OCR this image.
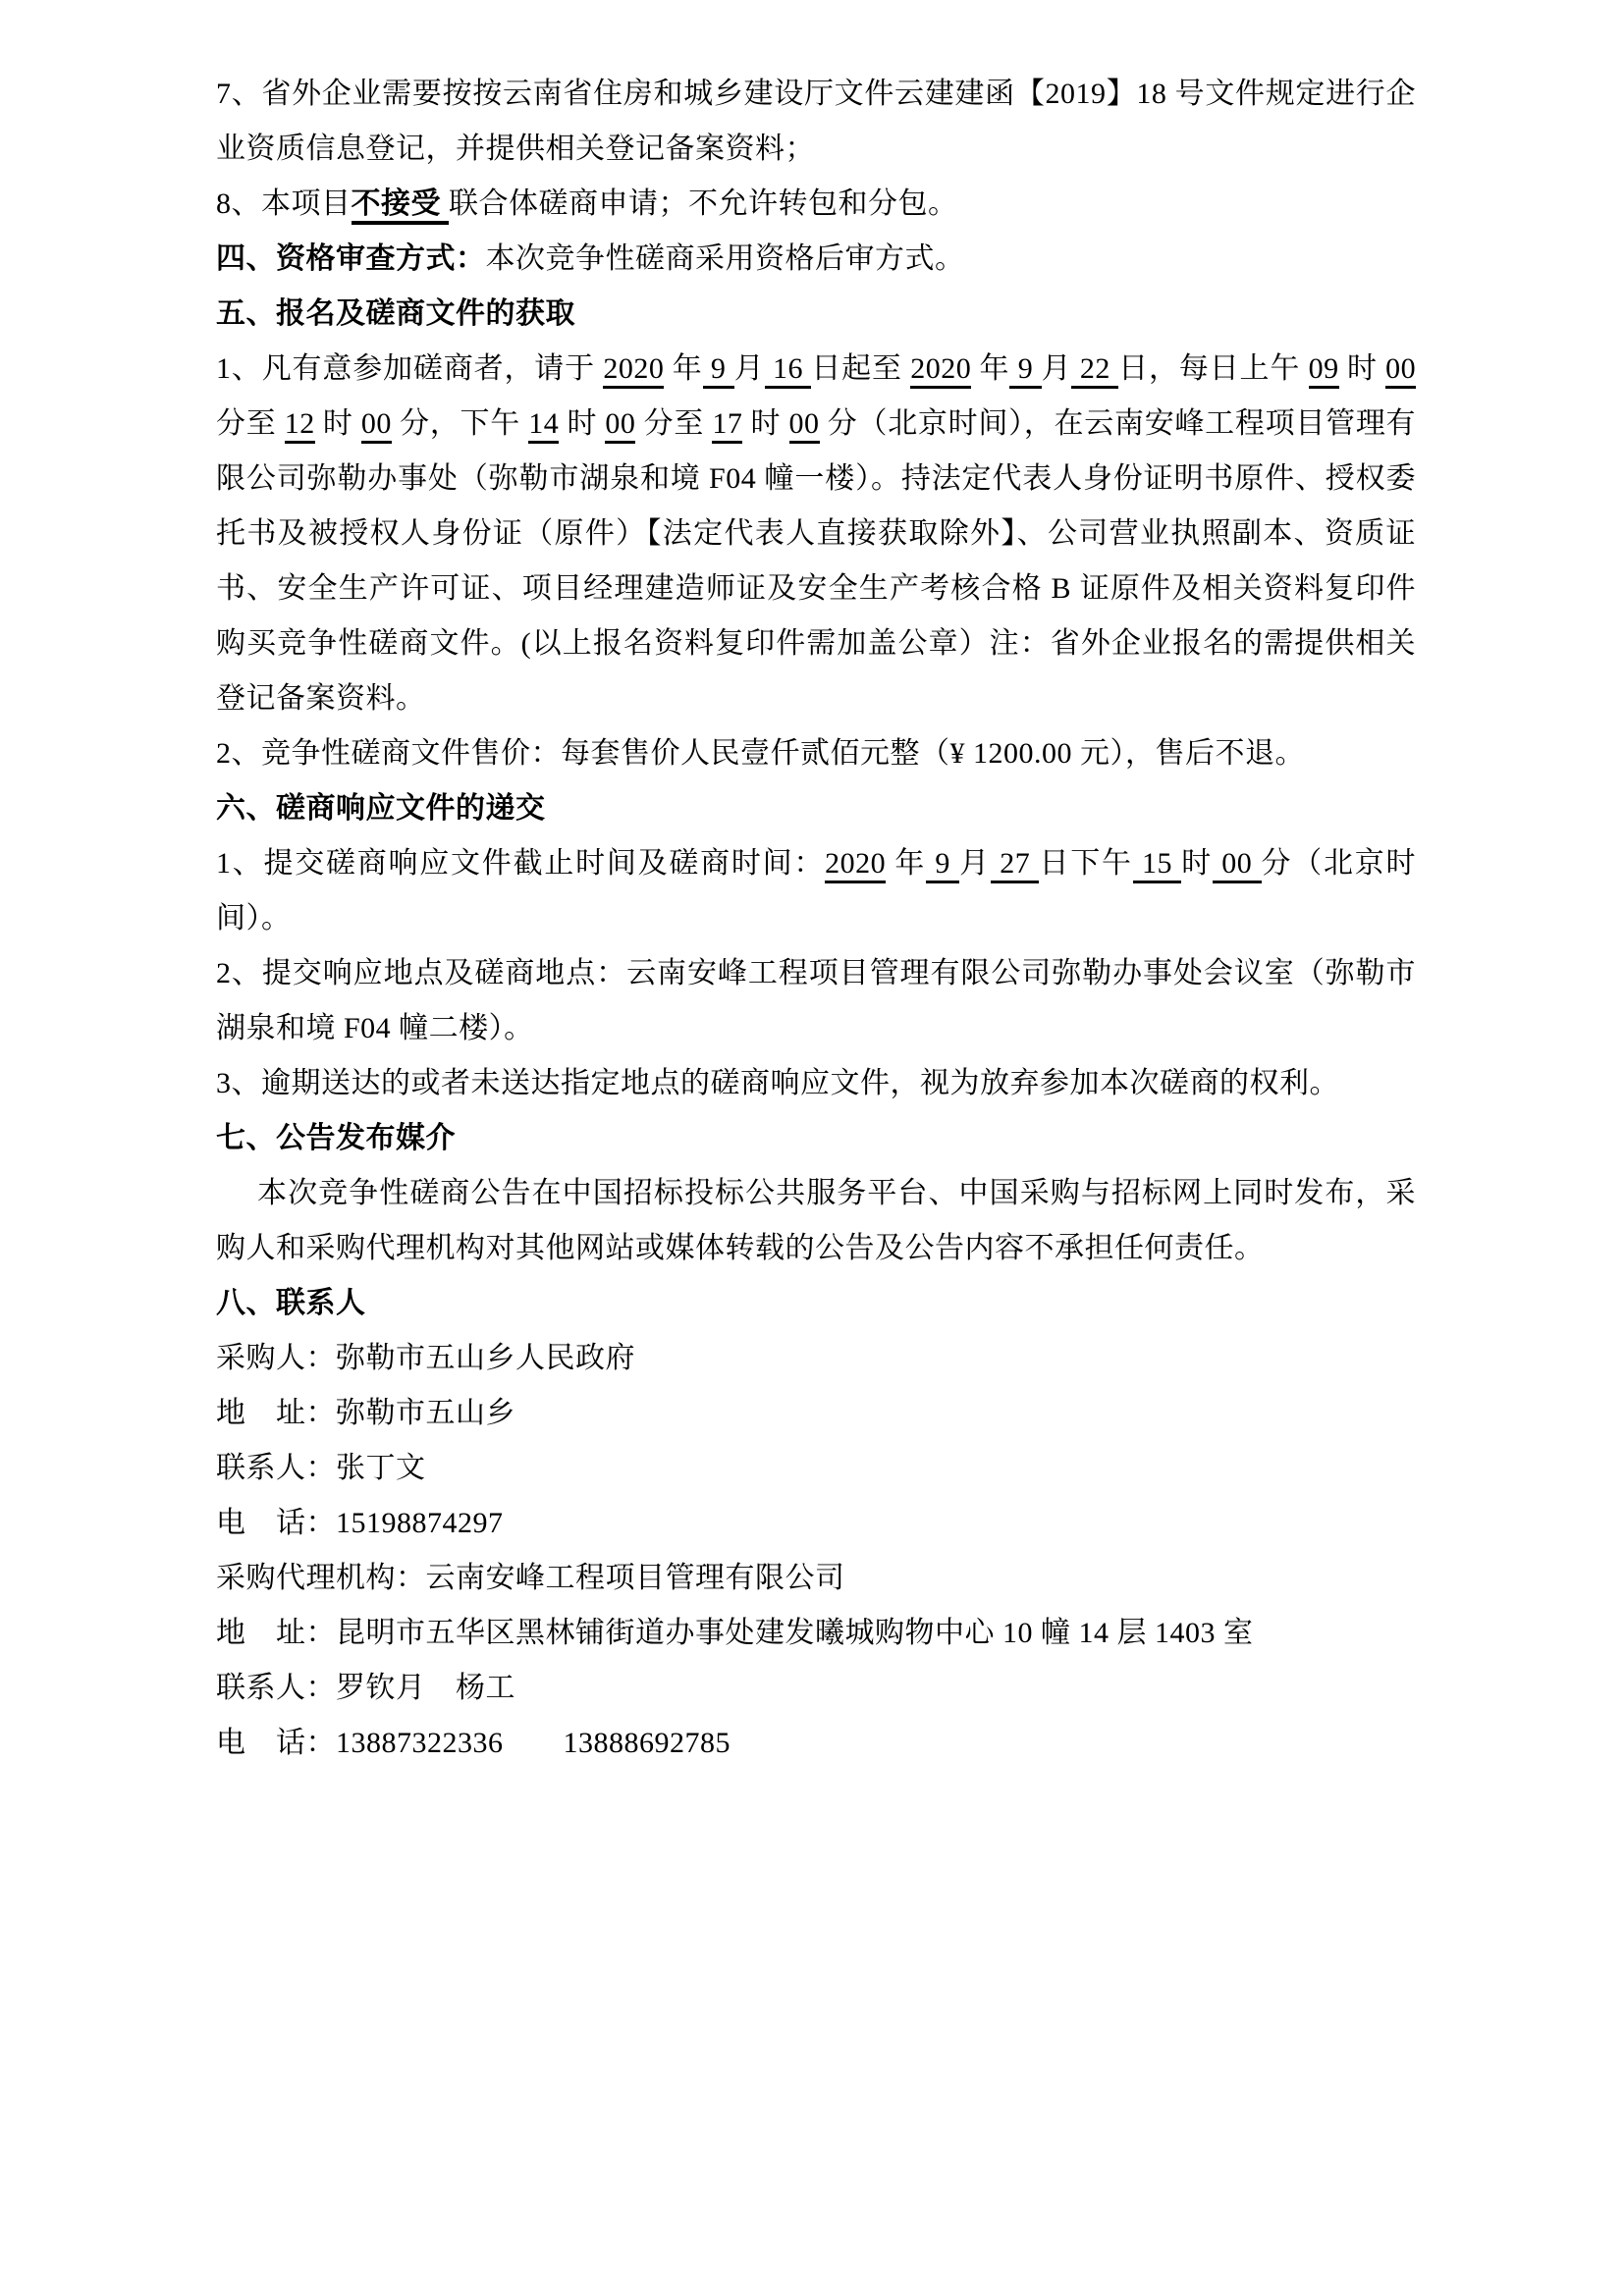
7、省外企业需要按按云南省住房和城乡建设厅文件云建建函【2019】18 号文件规定进行企业资质信息登记，并提供相关登记备案资料；

8、本项目不接受 联合体磋商申请；不允许转包和分包。

四、资格审查方式：本次竞争性磋商采用资格后审方式。

五、报名及磋商文件的获取

1、凡有意参加磋商者，请于 2020 年 9 月 16 日起至 2020 年 9 月 22 日，每日上午 09 时 00 分至 12 时 00 分，下午 14 时 00 分至 17 时 00 分（北京时间），在云南安峰工程项目管理有限公司弥勒办事处（弥勒市湖泉和境 F04 幢一楼）。持法定代表人身份证明书原件、授权委托书及被授权人身份证（原件）【法定代表人直接获取除外】、公司营业执照副本、资质证书、安全生产许可证、项目经理建造师证及安全生产考核合格 B 证原件及相关资料复印件购买竞争性磋商文件。(以上报名资料复印件需加盖公章）注：省外企业报名的需提供相关登记备案资料。

2、竞争性磋商文件售价：每套售价人民壹仟贰佰元整（¥ 1200.00 元），售后不退。

六、磋商响应文件的递交

1、提交磋商响应文件截止时间及磋商时间：2020 年 9 月 27 日下午 15 时 00 分（北京时间）。

2、提交响应地点及磋商地点：云南安峰工程项目管理有限公司弥勒办事处会议室（弥勒市湖泉和境 F04 幢二楼）。

3、逾期送达的或者未送达指定地点的磋商响应文件，视为放弃参加本次磋商的权利。

七、公告发布媒介

本次竞争性磋商公告在中国招标投标公共服务平台、中国采购与招标网上同时发布，采购人和采购代理机构对其他网站或媒体转载的公告及公告内容不承担任何责任。

八、联系人

采购人：弥勒市五山乡人民政府

地　址：弥勒市五山乡

联系人：张丁文

电　话：15198874297

采购代理机构：云南安峰工程项目管理有限公司

地　址：昆明市五华区黑林铺街道办事处建发曦城购物中心 10 幢 14 层 1403 室

联系人：罗钦月　杨工

电　话：13887322336　　13888692785
